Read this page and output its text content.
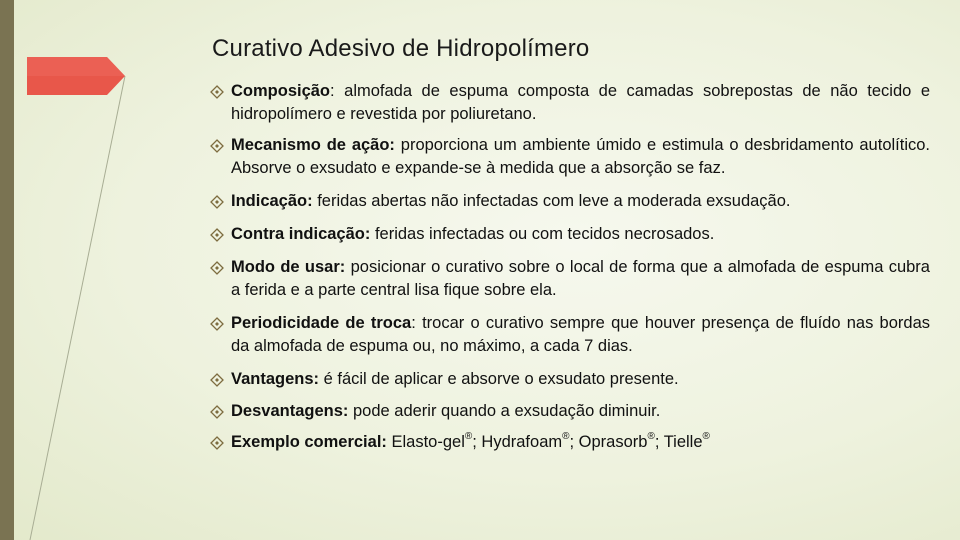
Curativo Adesivo de Hidropolímero
Composição: almofada de espuma composta de camadas sobrepostas de não tecido e hidropolímero e revestida por poliuretano.
Mecanismo de ação: proporciona um ambiente úmido e estimula o desbridamento autolítico. Absorve o exsudato e expande-se à medida que a absorção se faz.
Indicação: feridas abertas não infectadas com leve a moderada exsudação.
Contra indicação: feridas infectadas ou com tecidos necrosados.
Modo de usar: posicionar o curativo sobre o local de forma que a almofada de espuma cubra a ferida e a parte central lisa fique sobre ela.
Periodicidade de troca: trocar o curativo sempre que houver presença de fluído nas bordas da almofada de espuma ou, no máximo, a cada 7 dias.
Vantagens: é fácil de aplicar e absorve o exsudato presente.
Desvantagens: pode aderir quando a exsudação diminuir.
Exemplo comercial: Elasto-gel®; Hydrafoam®; Oprasorb®; Tielle®
